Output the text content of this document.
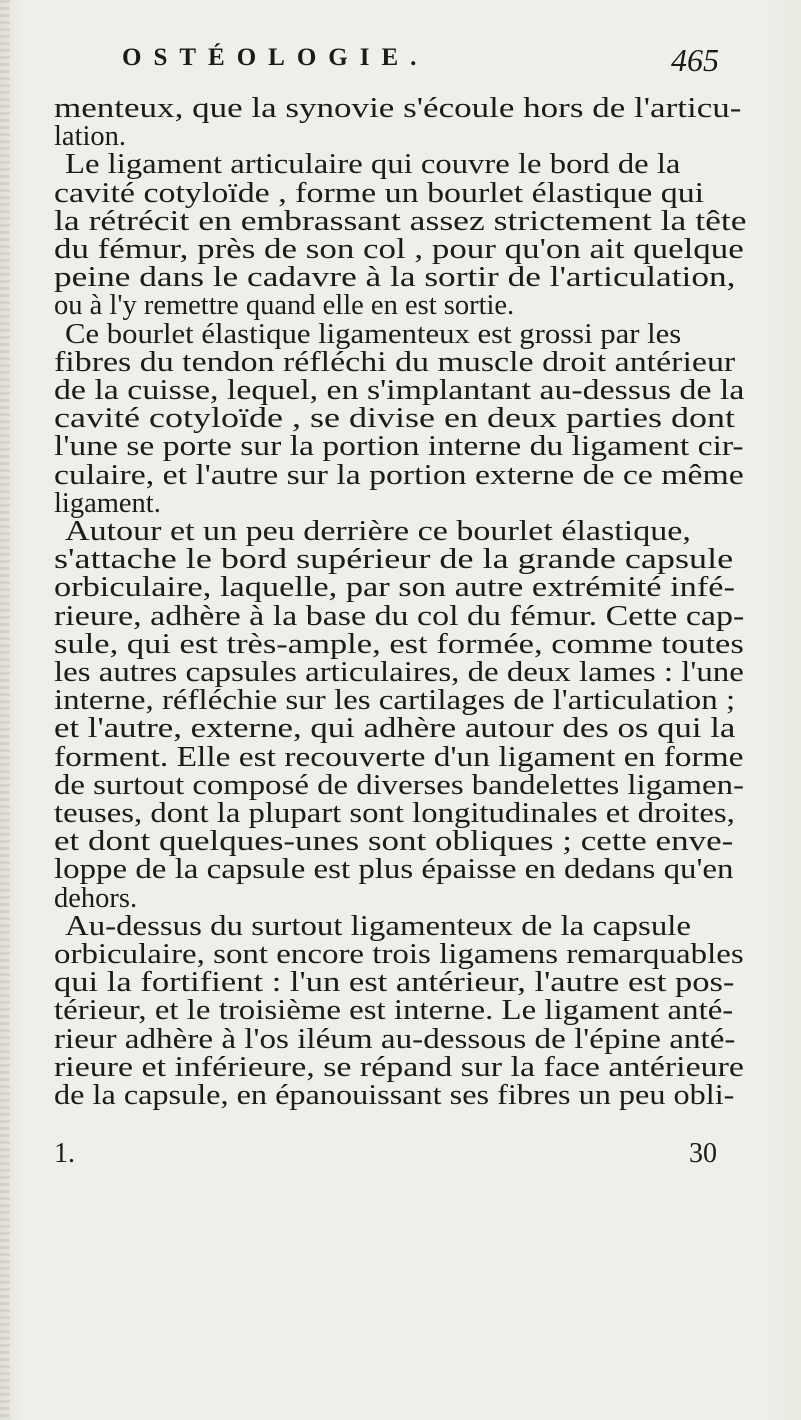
OSTÉOLOGIE.	465
menteux, que la synovie s'écoule hors de l'articu-
lation.
Le ligament articulaire qui couvre le bord de la
cavité cotyloïde , forme un bourlet élastique qui
la rétrécit en embrassant assez strictement la tête
du fémur, près de son col , pour qu'on ait quelque
peine dans le cadavre à la sortir de l'articulation,
ou à l'y remettre quand elle en est sortie.
Ce bourlet élastique ligamenteux est grossi par les
fibres du tendon réfléchi du muscle droit antérieur
de la cuisse, lequel, en s'implantant au-dessus de la
cavité cotyloïde , se divise en deux parties dont
l'une se porte sur la portion interne du ligament cir-
culaire, et l'autre sur la portion externe de ce même
ligament.
Autour et un peu derrière ce bourlet élastique,
s'attache le bord supérieur de la grande capsule
orbiculaire, laquelle, par son autre extrémité infé-
rieure, adhère à la base du col du fémur. Cette cap-
sule, qui est très-ample, est formée, comme toutes
les autres capsules articulaires, de deux lames : l'une
interne, réfléchie sur les cartilages de l'articulation ;
et l'autre, externe, qui adhère autour des os qui la
forment. Elle est recouverte d'un ligament en forme
de surtout composé de diverses bandelettes ligamen-
teuses, dont la plupart sont longitudinales et droites,
et dont quelques-unes sont obliques ; cette enve-
loppe de la capsule est plus épaisse en dedans qu'en
dehors.
Au-dessus du surtout ligamenteux de la capsule
orbiculaire, sont encore trois ligamens remarquables
qui la fortifient : l'un est antérieur, l'autre est pos-
térieur, et le troisième est interne. Le ligament anté-
rieur adhère à l'os iléum au-dessous de l'épine anté-
rieure et inférieure, se répand sur la face antérieure
de la capsule, en épanouissant ses fibres un peu obli-
1.	30
